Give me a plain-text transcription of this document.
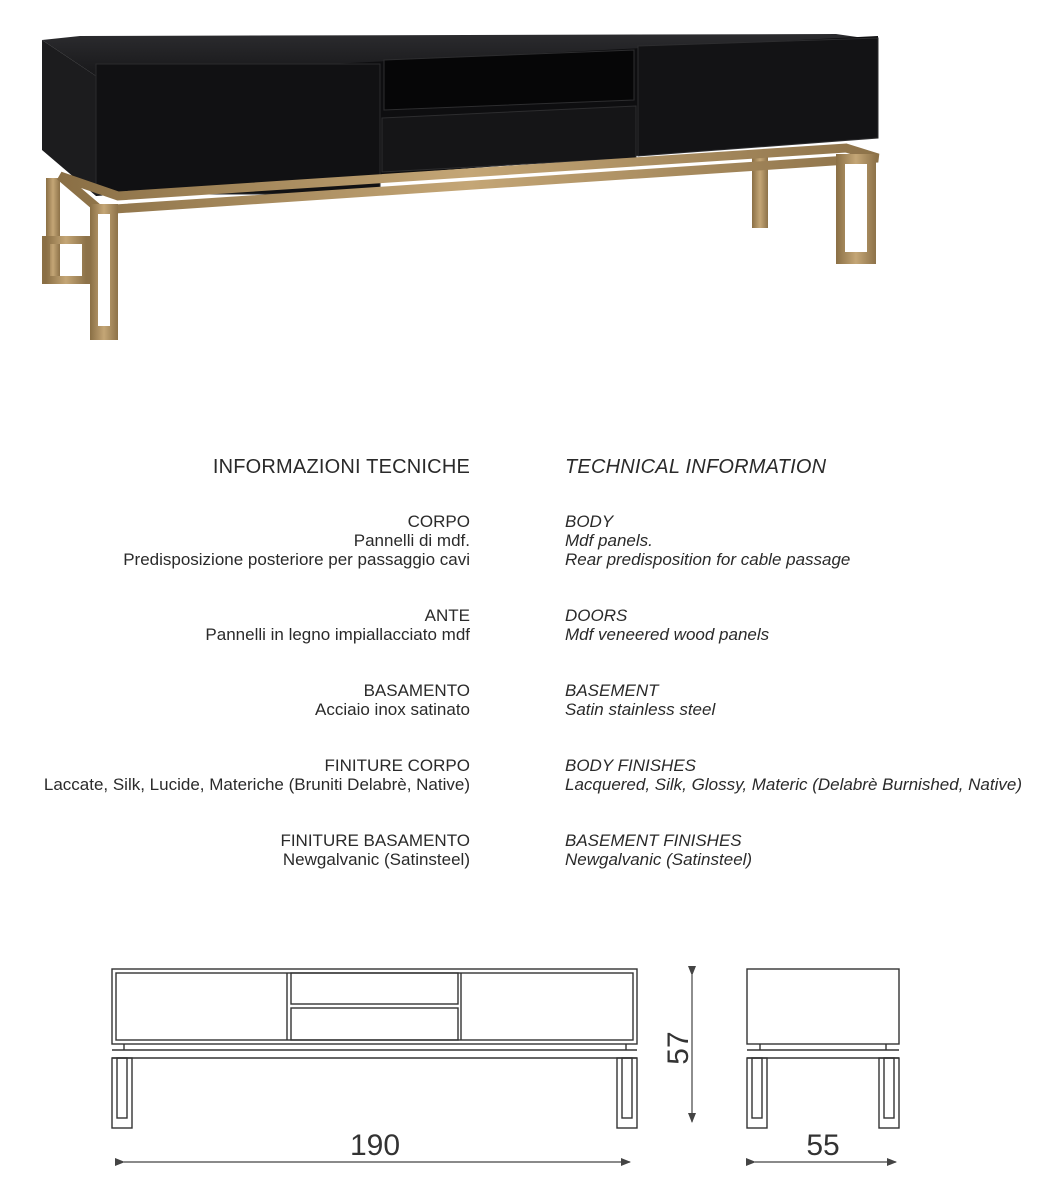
INFORMAZIONI TECNICHE	TECHNICAL INFORMATION
CORPO
Pannelli di mdf.
Predisposizione posteriore per passaggio cavi
BODY
Mdf panels.
Rear predisposition for cable passage
ANTE
Pannelli in legno impiallacciato mdf
DOORS
Mdf veneered wood panels
BASAMENTO
Acciaio inox satinato
BASEMENT
Satin stainless steel
FINITURE CORPO
Laccate, Silk, Lucide, Materiche (Bruniti Delabrè, Native)
BODY FINISHES
Lacquered, Silk, Glossy, Materic (Delabrè Burnished, Native)
FINITURE BASAMENTO
Newgalvanic (Satinsteel)
BASEMENT FINISHES
Newgalvanic (Satinsteel)
190	55
57
